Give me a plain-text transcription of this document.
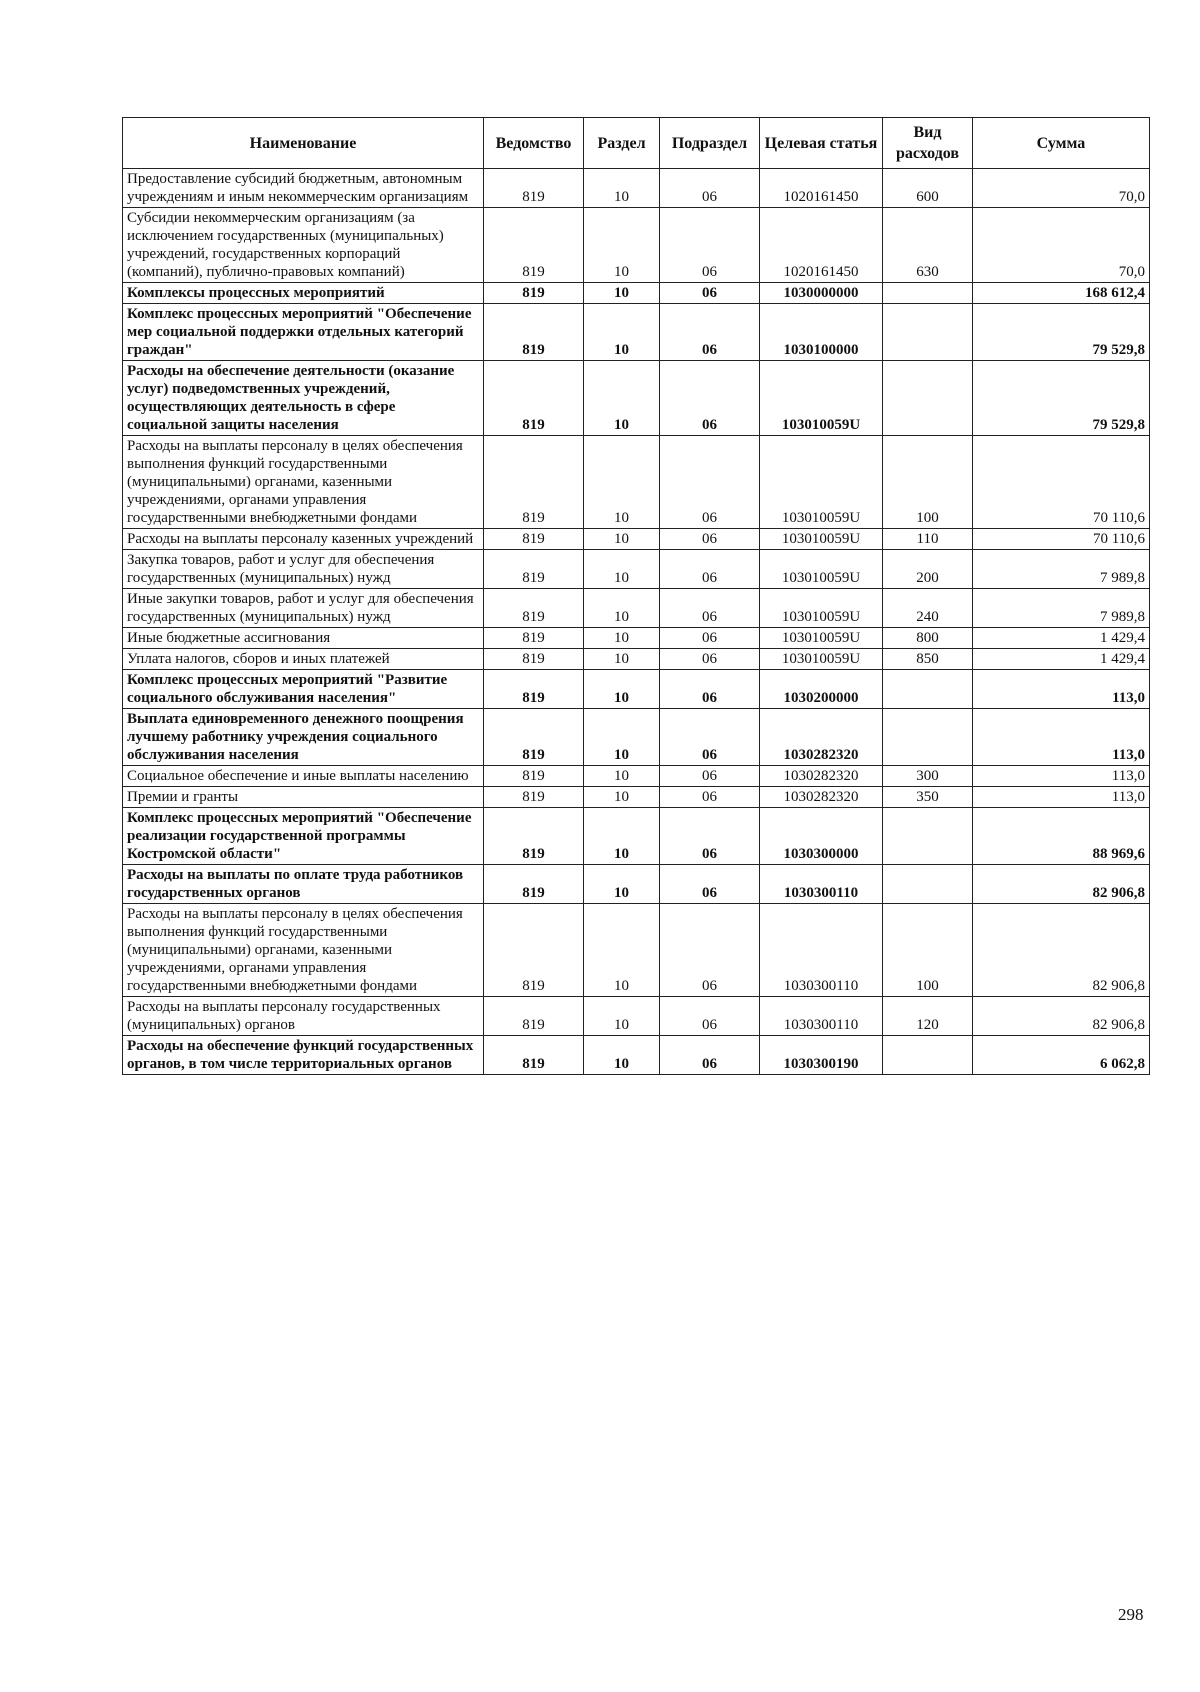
Наименование	Ведомство	Раздел	Подраздел	Целевая статья	Вид расходов	Сумма
Предоставление субсидий бюджетным, автономным учреждениям и иным некоммерческим организациям	819	10	06	1020161450	600	70,0
Субсидии некоммерческим организациям (за исключением государственных (муниципальных) учреждений, государственных корпораций (компаний), публично-правовых компаний)	819	10	06	1020161450	630	70,0
Комплексы процессных мероприятий	819	10	06	1030000000		168 612,4
Комплекс процессных мероприятий "Обеспечение мер социальной поддержки отдельных категорий граждан"	819	10	06	1030100000		79 529,8
Расходы на обеспечение деятельности (оказание услуг) подведомственных учреждений, осуществляющих деятельность в сфере социальной защиты населения	819	10	06	103010059U		79 529,8
Расходы на выплаты персоналу в целях обеспечения выполнения функций государственными (муниципальными) органами, казенными учреждениями, органами управления государственными внебюджетными фондами	819	10	06	103010059U	100	70 110,6
Расходы на выплаты персоналу казенных учреждений	819	10	06	103010059U	110	70 110,6
Закупка товаров, работ и услуг для обеспечения государственных (муниципальных) нужд	819	10	06	103010059U	200	7 989,8
Иные закупки товаров, работ и услуг для обеспечения государственных (муниципальных) нужд	819	10	06	103010059U	240	7 989,8
Иные бюджетные ассигнования	819	10	06	103010059U	800	1 429,4
Уплата налогов, сборов и иных платежей	819	10	06	103010059U	850	1 429,4
Комплекс процессных мероприятий "Развитие социального обслуживания населения"	819	10	06	1030200000		113,0
Выплата единовременного денежного поощрения лучшему работнику учреждения социального обслуживания населения	819	10	06	1030282320		113,0
Социальное обеспечение и иные выплаты населению	819	10	06	1030282320	300	113,0
Премии и гранты	819	10	06	1030282320	350	113,0
Комплекс процессных мероприятий "Обеспечение реализации государственной программы Костромской области"	819	10	06	1030300000		88 969,6
Расходы на выплаты по оплате труда работников государственных органов	819	10	06	1030300110		82 906,8
Расходы на выплаты персоналу в целях обеспечения выполнения функций государственными (муниципальными) органами, казенными учреждениями, органами управления государственными внебюджетными фондами	819	10	06	1030300110	100	82 906,8
Расходы на выплаты персоналу государственных (муниципальных) органов	819	10	06	1030300110	120	82 906,8
Расходы на обеспечение функций государственных органов, в том числе территориальных органов	819	10	06	1030300190		6 062,8
298
